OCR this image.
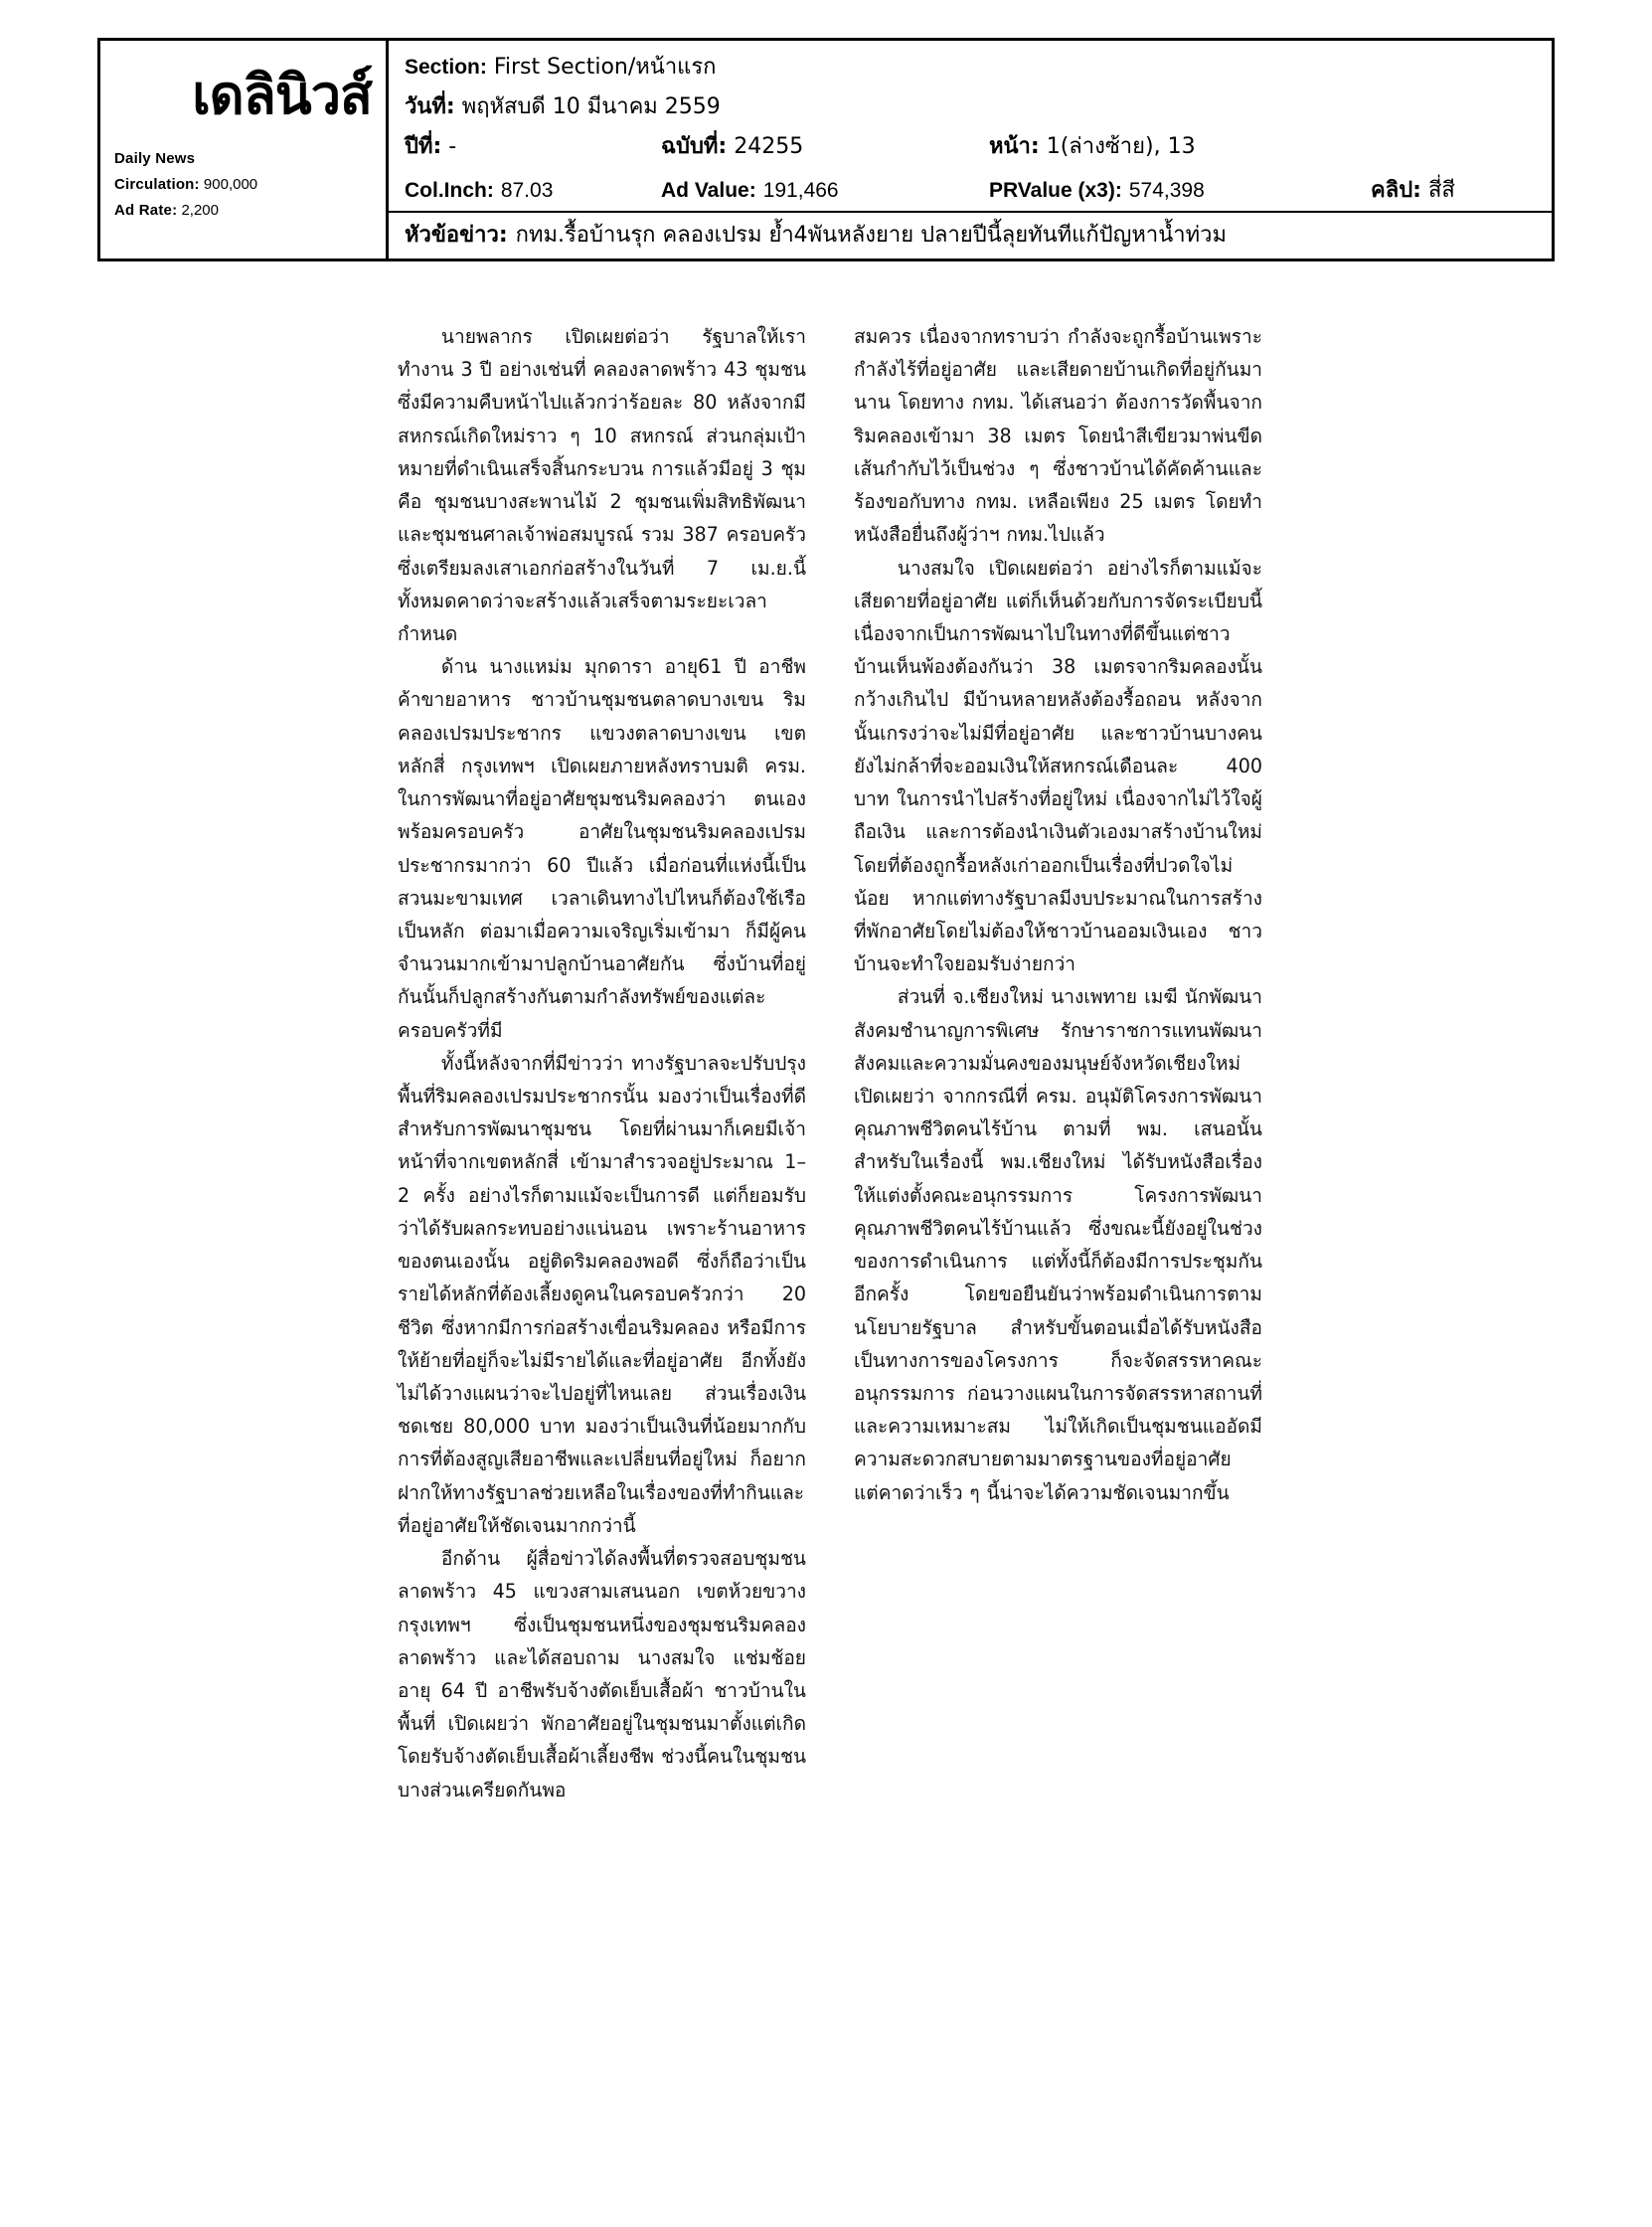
เดลินิวส์
Daily News
Circulation: 900,000
Ad Rate: 2,200
Section: First Section/หน้าแรก
วันที่: พฤหัสบดี 10 มีนาคม 2559
ปีที่: -	ฉบับที่: 24255	หน้า: 1(ล่างซ้าย), 13
Col.Inch: 87.03	Ad Value: 191,466	PRValue (x3): 574,398	คลิป: สี่สี
หัวข้อข่าว: กทม.รื้อบ้านรุก คลองเปรม ย้ำ4พันหลังยาย ปลายปีนี้ลุยทันทีแก้ปัญหาน้ำท่วม

นายพลากร เปิดเผยต่อว่า รัฐบาลให้เราทำงาน 3 ปี อย่างเช่นที่ คลองลาดพร้าว 43 ชุมชน ซึ่งมีความคืบหน้าไปแล้วกว่าร้อยละ 80 หลังจากมีสหกรณ์เกิดใหม่ราว ๆ 10 สหกรณ์ ส่วนกลุ่มเป้าหมายที่ดำเนินเสร็จสิ้นกระบวน การแล้วมีอยู่ 3 ชุม คือ ชุมชนบางสะพานไม้ 2 ชุมชนเพิ่มสิทธิพัฒนา และชุมชนศาลเจ้าพ่อสมบูรณ์ รวม 387 ครอบครัว ซึ่งเตรียมลงเสาเอกก่อสร้างในวันที่ 7 เม.ย.นี้ ทั้งหมดคาดว่าจะสร้างแล้วเสร็จตามระยะเวลากำหนด

ด้าน นางแหม่ม มุกดารา อายุ61 ปี อาชีพค้าขายอาหาร ชาวบ้านชุมชนตลาดบางเขน ริมคลองเปรมประชากร แขวงตลาดบางเขน เขตหลักสี่ กรุงเทพฯ เปิดเผยภายหลังทราบมติ ครม. ในการพัฒนาที่อยู่อาศัยชุมชนริมคลองว่า ตนเองพร้อมครอบครัว อาศัยในชุมชนริมคลองเปรมประชากรมากว่า 60 ปีแล้ว เมื่อก่อนที่แห่งนี้เป็นสวนมะขามเทศ เวลาเดินทางไปไหนก็ต้องใช้เรือเป็นหลัก ต่อมาเมื่อความเจริญเริ่มเข้ามา ก็มีผู้คนจำนวนมากเข้ามาปลูกบ้านอาศัยกัน ซึ่งบ้านที่อยู่กันนั้นก็ปลูกสร้างกันตามกำลังทรัพย์ของแต่ละครอบครัวที่มี

ทั้งนี้หลังจากที่มีข่าวว่า ทางรัฐบาลจะปรับปรุงพื้นที่ริมคลองเปรมประชากรนั้น มองว่าเป็นเรื่องที่ดีสำหรับการพัฒนาชุมชน โดยที่ผ่านมาก็เคยมีเจ้าหน้าที่จากเขตหลักสี่ เข้ามาสำรวจอยู่ประมาณ 1–2 ครั้ง อย่างไรก็ตามแม้จะเป็นการดี แต่ก็ยอมรับว่าได้รับผลกระทบอย่างแน่นอน เพราะร้านอาหารของตนเองนั้น อยู่ติดริมคลองพอดี ซึ่งก็ถือว่าเป็นรายได้หลักที่ต้องเลี้ยงดูคนในครอบครัวกว่า 20 ชีวิต ซึ่งหากมีการก่อสร้างเขื่อนริมคลอง หรือมีการให้ย้ายที่อยู่ก็จะไม่มีรายได้และที่อยู่อาศัย อีกทั้งยังไม่ได้วางแผนว่าจะไปอยู่ที่ไหนเลย ส่วนเรื่องเงินชดเชย 80,000 บาท มองว่าเป็นเงินที่น้อยมากกับการที่ต้องสูญเสียอาชีพและเปลี่ยนที่อยู่ใหม่ ก็อยากฝากให้ทางรัฐบาลช่วยเหลือในเรื่องของที่ทำกินและที่อยู่อาศัยให้ชัดเจนมากกว่านี้

อีกด้าน ผู้สื่อข่าวได้ลงพื้นที่ตรวจสอบชุมชนลาดพร้าว 45 แขวงสามเสนนอก เขตห้วยขวาง กรุงเทพฯ ซึ่งเป็นชุมชนหนึ่งของชุมชนริมคลองลาดพร้าว และได้สอบถาม นางสมใจ แช่มช้อย อายุ 64 ปี อาชีพรับจ้างตัดเย็บเสื้อผ้า ชาวบ้านในพื้นที่ เปิดเผยว่า พักอาศัยอยู่ในชุมชนมาตั้งแต่เกิด โดยรับจ้างตัดเย็บเสื้อผ้าเลี้ยงชีพ ช่วงนี้คนในชุมชนบางส่วนเครียดกันพอ

สมควร เนื่องจากทราบว่า กำลังจะถูกรื้อบ้านเพราะกำลังไร้ที่อยู่อาศัย และเสียดายบ้านเกิดที่อยู่กันมานาน โดยทาง กทม. ได้เสนอว่า ต้องการวัดพื้นจากริมคลองเข้ามา 38 เมตร โดยนำสีเขียวมาพ่นขีดเส้นกำกับไว้เป็นช่วง ๆ ซึ่งชาวบ้านได้คัดค้านและร้องขอกับทาง กทม. เหลือเพียง 25 เมตร โดยทำหนังสือยื่นถึงผู้ว่าฯ กทม.ไปแล้ว

นางสมใจ เปิดเผยต่อว่า อย่างไรก็ตามแม้จะเสียดายที่อยู่อาศัย แต่ก็เห็นด้วยกับการจัดระเบียบนี้ เนื่องจากเป็นการพัฒนาไปในทางที่ดีขึ้นแต่ชาวบ้านเห็นพ้องต้องกันว่า 38 เมตรจากริมคลองนั้นกว้างเกินไป มีบ้านหลายหลังต้องรื้อถอน หลังจากนั้นเกรงว่าจะไม่มีที่อยู่อาศัย และชาวบ้านบางคนยังไม่กล้าที่จะออมเงินให้สหกรณ์เดือนละ 400 บาท ในการนำไปสร้างที่อยู่ใหม่ เนื่องจากไม่ไว้ใจผู้ถือเงิน และการต้องนำเงินตัวเองมาสร้างบ้านใหม่ โดยที่ต้องถูกรื้อหลังเก่าออกเป็นเรื่องที่ปวดใจไม่น้อย หากแต่ทางรัฐบาลมีงบประมาณในการสร้างที่พักอาศัยโดยไม่ต้องให้ชาวบ้านออมเงินเอง ชาวบ้านจะทำใจยอมรับง่ายกว่า

ส่วนที่ จ.เชียงใหม่ นางเพทาย เมฆี นักพัฒนาสังคมชำนาญการพิเศษ รักษาราชการแทนพัฒนาสังคมและความมั่นคงของมนุษย์จังหวัดเชียงใหม่ เปิดเผยว่า จากกรณีที่ ครม. อนุมัติโครงการพัฒนาคุณภาพชีวิตคนไร้บ้าน ตามที่ พม. เสนอนั้น สำหรับในเรื่องนี้ พม.เชียงใหม่ ได้รับหนังสือเรื่องให้แต่งตั้งคณะอนุกรรมการ โครงการพัฒนาคุณภาพชีวิตคนไร้บ้านแล้ว ซึ่งขณะนี้ยังอยู่ในช่วงของการดำเนินการ แต่ทั้งนี้ก็ต้องมีการประชุมกันอีกครั้ง โดยขอยืนยันว่าพร้อมดำเนินการตามนโยบายรัฐบาล สำหรับขั้นตอนเมื่อได้รับหนังสือเป็นทางการของโครงการ ก็จะจัดสรรหาคณะอนุกรรมการ ก่อนวางแผนในการจัดสรรหาสถานที่และความเหมาะสม ไม่ให้เกิดเป็นชุมชนแออัดมีความสะดวกสบายตามมาตรฐานของที่อยู่อาศัย แต่คาดว่าเร็ว ๆ นี้น่าจะได้ความชัดเจนมากขึ้น
